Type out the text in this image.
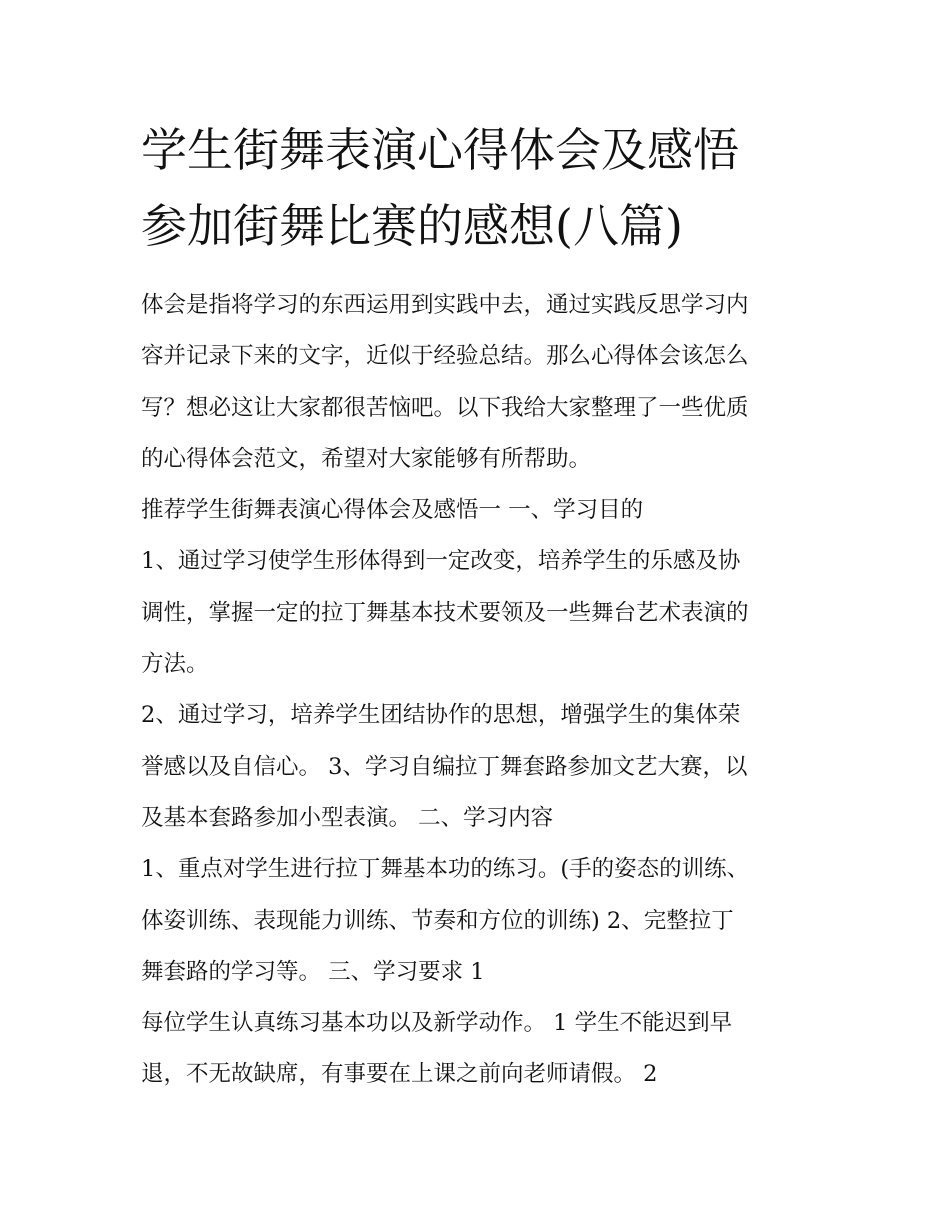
学生街舞表演心得体会及感悟
参加街舞比赛的感想(八篇)
体会是指将学习的东西运用到实践中去，通过实践反思学习内
容并记录下来的文字，近似于经验总结。那么心得体会该怎么
写？想必这让大家都很苦恼吧。以下我给大家整理了一些优质
的心得体会范文，希望对大家能够有所帮助。
推荐学生街舞表演心得体会及感悟一 一、学习目的
1、通过学习使学生形体得到一定改变，培养学生的乐感及协
调性，掌握一定的拉丁舞基本技术要领及一些舞台艺术表演的
方法。
2、通过学习，培养学生团结协作的思想，增强学生的集体荣
誉感以及自信心。 3、学习自编拉丁舞套路参加文艺大赛，以
及基本套路参加小型表演。 二、学习内容
1、重点对学生进行拉丁舞基本功的练习。(手的姿态的训练、
体姿训练、表现能力训练、节奏和方位的训练) 2、完整拉丁
舞套路的学习等。 三、学习要求 1
每位学生认真练习基本功以及新学动作。 1 学生不能迟到早
退，不无故缺席，有事要在上课之前向老师请假。 2
